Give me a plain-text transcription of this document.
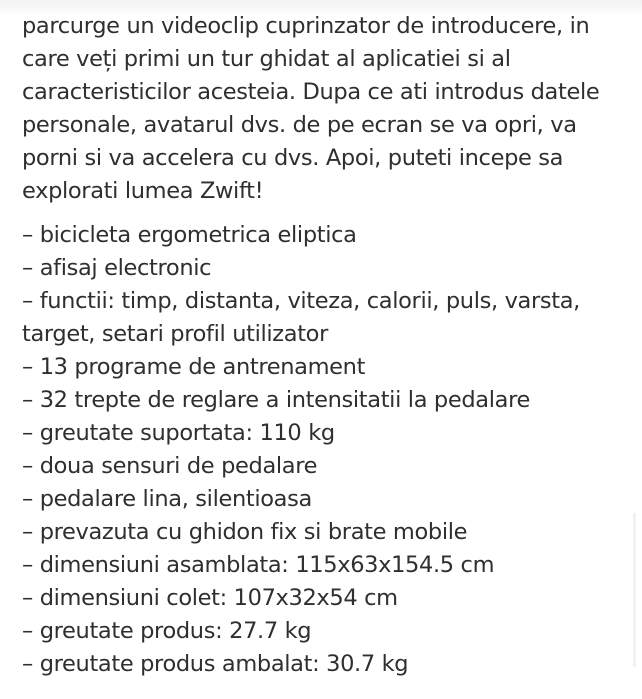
parcurge un videoclip cuprinzator de introducere, in care veți primi un tur ghidat al aplicatiei si al caracteristicilor acesteia. Dupa ce ati introdus datele personale, avatarul dvs. de pe ecran se va opri, va porni si va accelera cu dvs. Apoi, puteti incepe sa explorati lumea Zwift!

– bicicleta ergometrica eliptica
– afisaj electronic
– functii: timp, distanta, viteza, calorii, puls, varsta, target, setari profil utilizator
– 13 programe de antrenament
– 32 trepte de reglare a intensitatii la pedalare
– greutate suportata: 110 kg
– doua sensuri de pedalare
– pedalare lina, silentioasa
– prevazuta cu ghidon fix si brate mobile
– dimensiuni asamblata: 115x63x154.5 cm
– dimensiuni colet: 107x32x54 cm
– greutate produs: 27.7 kg
– greutate produs ambalat: 30.7 kg
